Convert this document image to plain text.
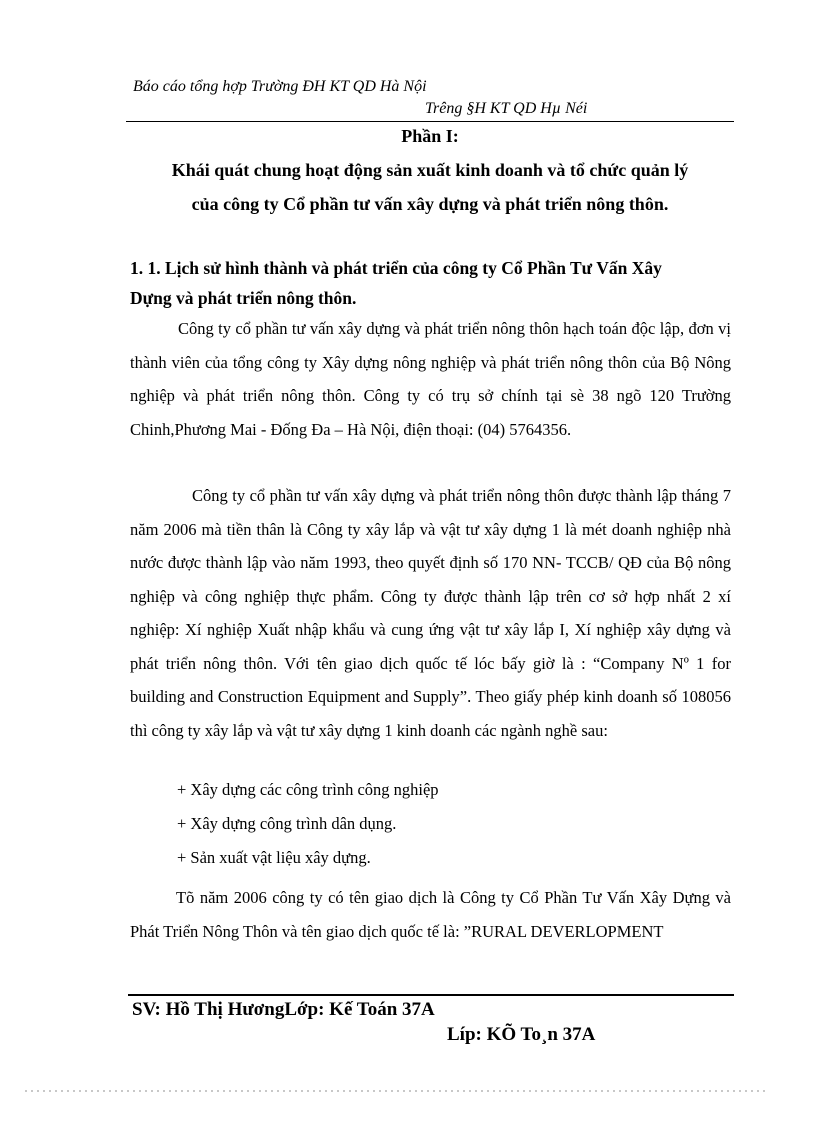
Báo cáo tổng hợp Trường ĐH KT QD Hà Nội
Trêng §H KT QD Hµ Néi
Phần I:
Khái quát chung hoạt động sản xuất kinh doanh và tổ chức quản lý
của công ty Cổ phần tư vấn xây dựng và phát triển nông thôn.
1. 1. Lịch sử hình thành và phát triển của công ty Cổ Phần Tư Vấn Xây
Dựng và phát triển nông thôn.
Công ty cổ phần tư vấn xây dựng và phát triển nông thôn hạch toán độc lập, đơn vị thành viên của tổng công ty Xây dựng nông nghiệp và phát triển nông thôn của Bộ Nông nghiệp và phát triển nông thôn. Công ty có trụ sở chính tại sè 38 ngõ 120 Trường Chinh,Phương Mai - Đống Đa – Hà Nội, điện thoại: (04) 5764356.
Công ty cổ phần tư vấn xây dựng và phát triển nông thôn được thành lập tháng 7 năm 2006 mà tiền thân là Công ty xây lắp và vật tư xây dựng 1 là mét doanh nghiệp nhà nước được thành lập vào năm 1993, theo quyết định số 170 NN- TCCB/ QĐ của Bộ nông nghiệp và công nghiệp thực phẩm. Công ty được thành lập trên cơ sở hợp nhất 2 xí nghiệp: Xí nghiệp Xuất nhập khẩu và cung ứng vật tư xây lắp I, Xí nghiệp xây dựng và phát triển nông thôn. Với tên giao dịch quốc tế lóc bấy giờ là : “Company Nº 1 for building and Construction Equipment and Supply”. Theo giấy phép kinh doanh số 108056 thì công ty xây lắp và vật tư xây dựng 1 kinh doanh các ngành nghề sau:
+ Xây dựng các công trình công nghiệp
+ Xây dựng công trình dân dụng.
+ Sản xuất vật liệu xây dựng.
Tõ năm 2006 công ty có tên giao dịch là Công ty Cổ Phần Tư Vấn Xây Dựng và Phát Triển Nông Thôn và tên giao dịch quốc tế là: ”RURAL DEVERLOPMENT
SV: Hồ Thị HươngLớp: Kế Toán 37A
Líp: KÕ To¸n 37A
